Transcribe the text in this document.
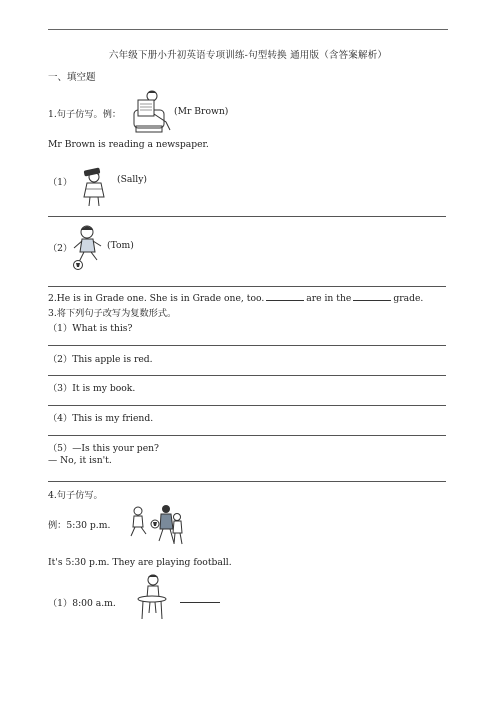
六年级下册小升初英语专项训练-句型转换 通用版（含答案解析）
一、填空题
1.句子仿写。例：	(Mr Brown)
Mr Brown is reading a newspaper.
（1）	(Sally)
（2）	(Tom)
2.He is in Grade one. She is in Grade one, too.	are in the	grade.
3.将下列句子改写为复数形式。
（1）What is this?
（2）This apple is red.
（3）It is my book.
（4）This is my friend.
（5）—Is this your pen?
— No, it isn't.
4.句子仿写。
例：5:30 p.m.
It's 5:30 p.m. They are playing football.
（1）8:00 a.m.
